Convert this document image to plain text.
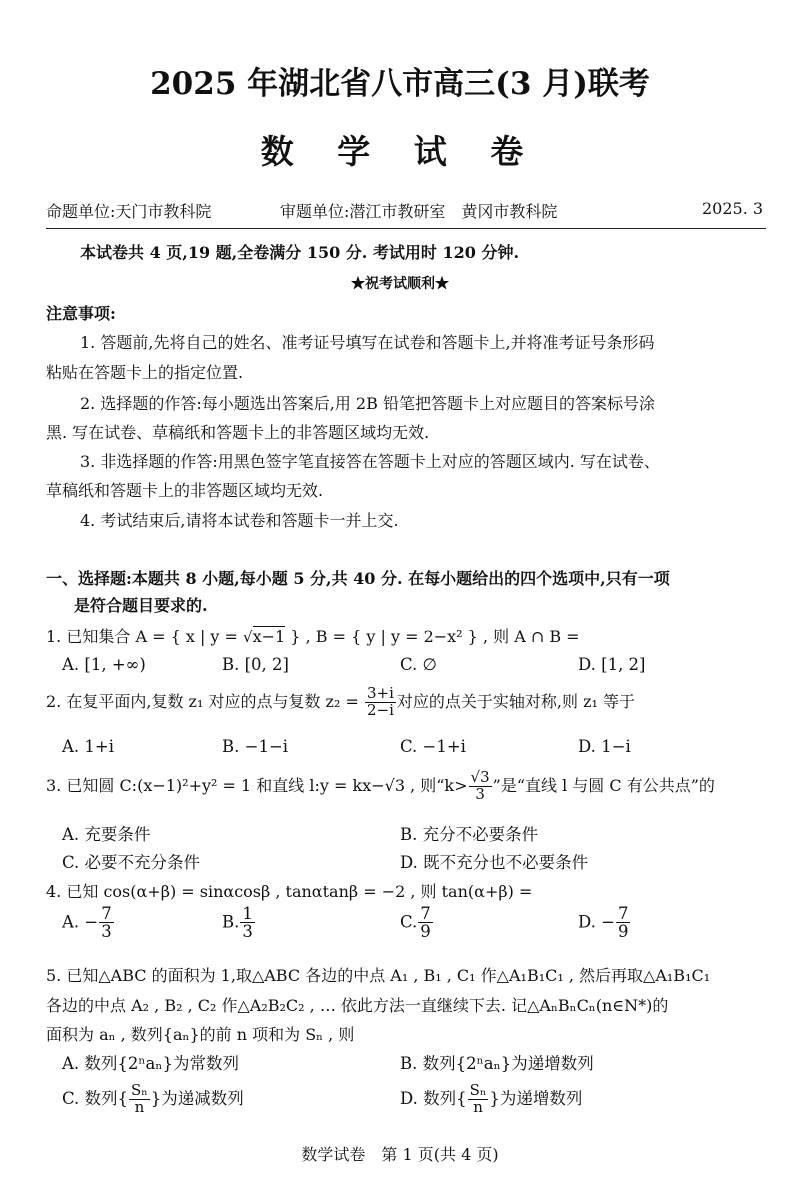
2025 年湖北省八市高三(3 月)联考
数 学 试 卷
命题单位:天门市教科院	审题单位:潜江市教研室　黄冈市教科院	2025. 3
本试卷共 4 页,19 题,全卷满分 150 分. 考试用时 120 分钟.
★祝考试顺利★
注意事项:
1. 答题前,先将自己的姓名、准考证号填写在试卷和答题卡上,并将准考证号条形码
粘贴在答题卡上的指定位置.
2. 选择题的作答:每小题选出答案后,用 2B 铅笔把答题卡上对应题目的答案标号涂
黑. 写在试卷、草稿纸和答题卡上的非答题区域均无效.
3. 非选择题的作答:用黑色签字笔直接答在答题卡上对应的答题区域内. 写在试卷、
草稿纸和答题卡上的非答题区域均无效.
4. 考试结束后,请将本试卷和答题卡一并上交.
一、选择题:本题共 8 小题,每小题 5 分,共 40 分. 在每小题给出的四个选项中,只有一项
是符合题目要求的.
1. 已知集合 A = { x | y = √x−1 } , B = { y | y = 2−x² } , 则 A ∩ B =
A. [1, +∞)	B. [0, 2]	C. ∅	D. [1, 2]
2. 在复平面内,复数 z₁ 对应的点与复数 $z_2 = \frac{3+i}{2-i}$ 对应的点关于实轴对称,则 z₁ 等于
A. 1+i	B. −1−i	C. −1+i	D. 1−i
3. 已知圆 C:(x−1)²+y² = 1 和直线 l:y = kx−√3 , 则“$k> \frac{√3}{3}$ ”是“直线 l 与圆 C 有公共点”的
A. 充要条件	B. 充分不必要条件
C. 必要不充分条件	D. 既不充分也不必要条件
4. 已知 cos(α+β) = sinαcosβ , tanαtanβ = −2 , 则 tan(α+β) =
A. − $\frac{7}{3}$	B. $\frac{1}{3}$	C. $\frac{7}{9}$	D. − $\frac{7}{9}$
5. 已知△ABC 的面积为 1,取△ABC 各边的中点 A₁ , B₁ , C₁ 作△A₁B₁C₁ , 然后再取△A₁B₁C₁
各边的中点 A₂ , B₂ , C₂ 作△A₂B₂C₂ , … 依此方法一直继续下去. 记△AₙBₙCₙ(n∈N*)的
面积为 aₙ , 数列{aₙ}的前 n 项和为 Sₙ , 则
A. 数列{2ⁿaₙ}为常数列	B. 数列{2ⁿaₙ}为递增数列
C. 数列{ $\frac{\text{Sₙ}}{n}$ }为递减数列	D. 数列{ $\frac{\text{Sₙ}}{n}$ }为递增数列
数学试卷　第 1 页(共 4 页)
